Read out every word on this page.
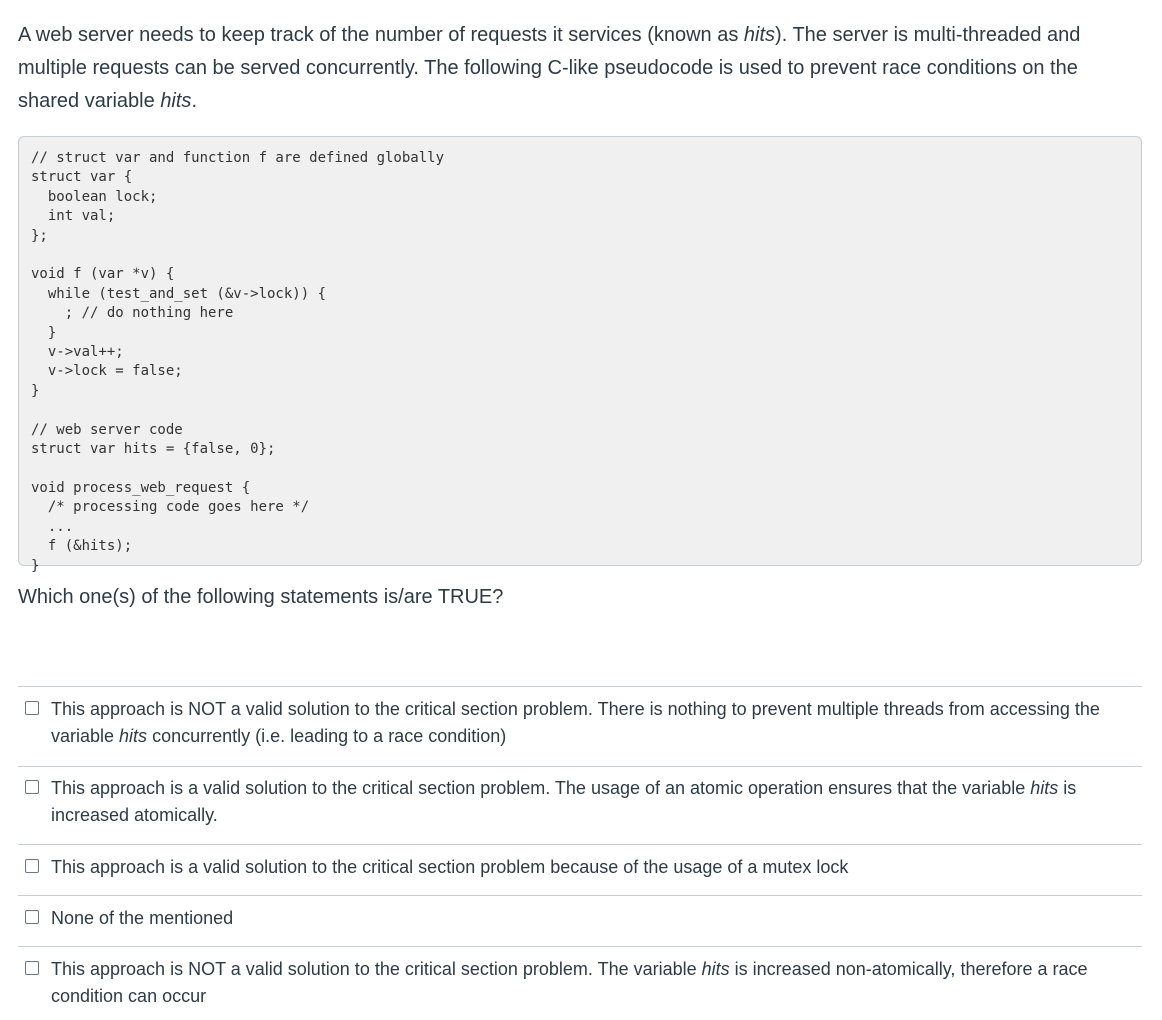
A web server needs to keep track of the number of requests it services (known as hits). The server is multi-threaded and multiple requests can be served concurrently. The following C-like pseudocode is used to prevent race conditions on the shared variable hits.

// struct var and function f are defined globally
struct var {
boolean lock;
int val;
};

void f (var *v) {
while (test_and_set (&v->lock)) {
; // do nothing here
}
v->val++;
v->lock = false;
}

// web server code
struct var hits = {false, 0};

void process_web_request {
/* processing code goes here */
...
f (&hits);
}

Which one(s) of the following statements is/are TRUE?

This approach is NOT a valid solution to the critical section problem. There is nothing to prevent multiple threads from accessing the variable hits concurrently (i.e. leading to a race condition)
This approach is a valid solution to the critical section problem. The usage of an atomic operation ensures that the variable hits is increased atomically.
This approach is a valid solution to the critical section problem because of the usage of a mutex lock
None of the mentioned
This approach is NOT a valid solution to the critical section problem. The variable hits is increased non-atomically, therefore a race condition can occur
